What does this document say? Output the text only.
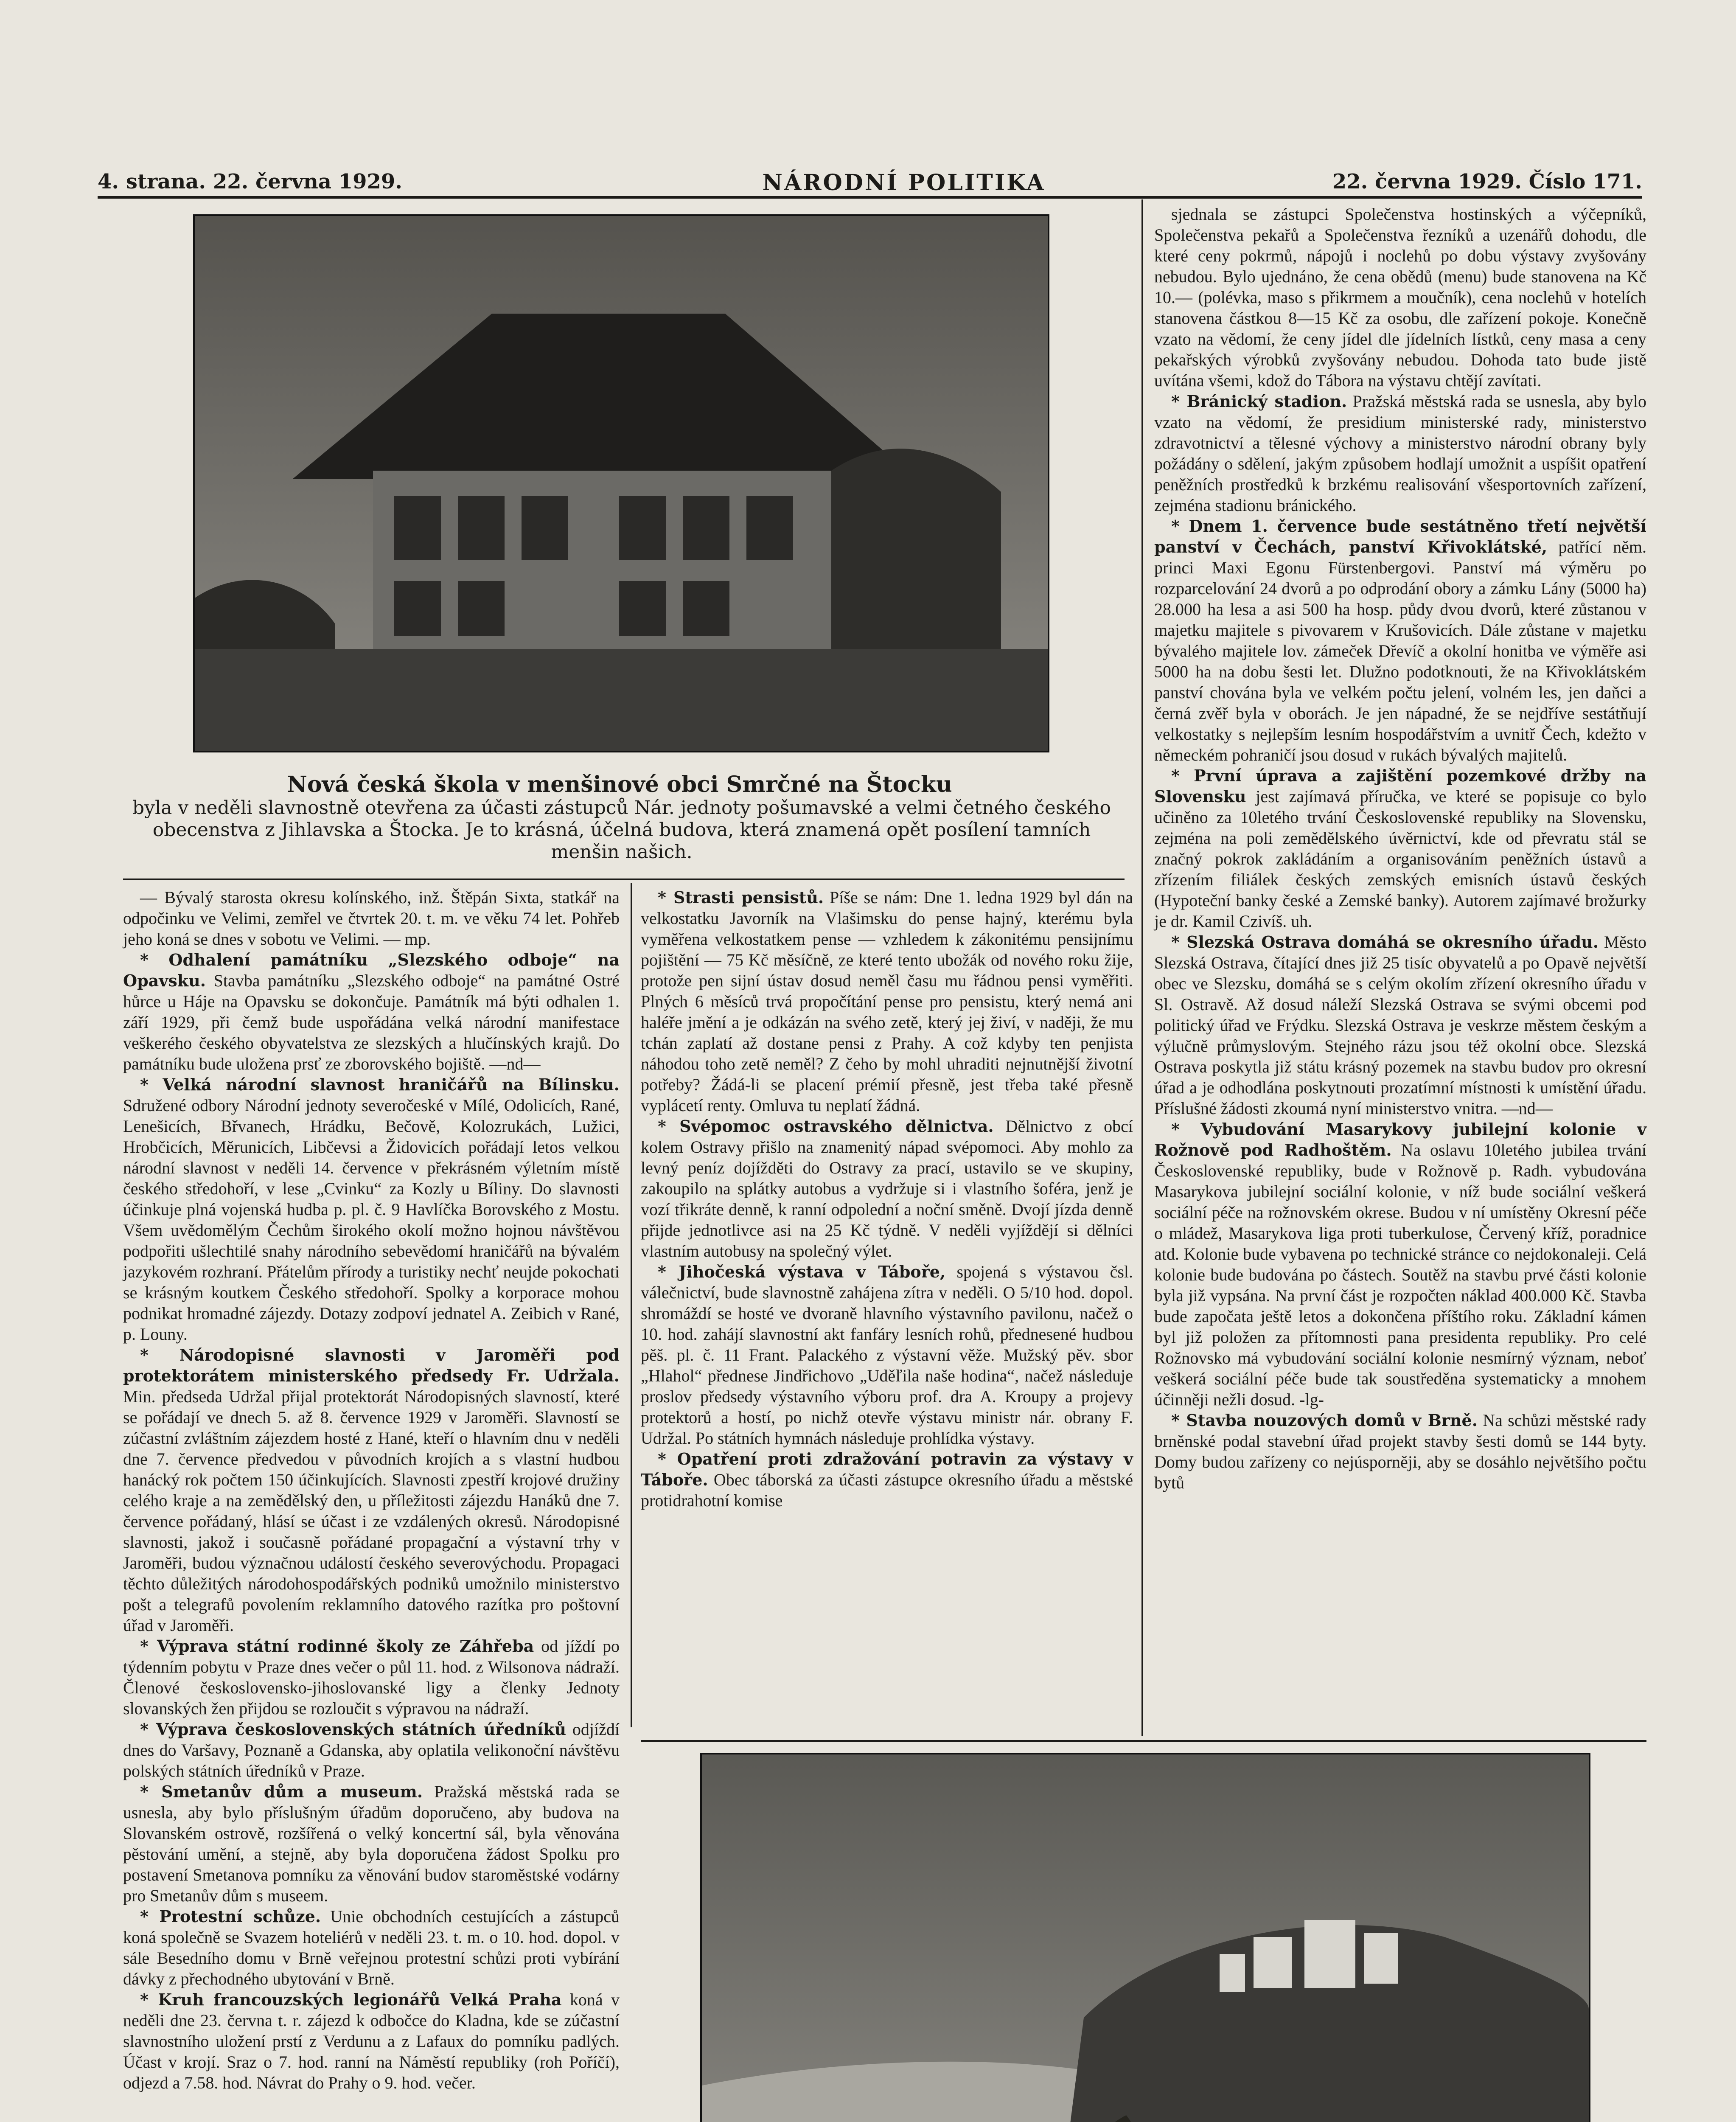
4. strana. 22. června 1929.	NÁRODNÍ POLITIKA	22. června 1929. Číslo 171.
Nová česká škola v menšinové obci Smrčné na Štocku
byla v neděli slavnostně otevřena za účasti zástupců Nár. jednoty pošumavské a velmi četného českého obecenstva z Jihlavska a Štocka. Je to krásná, účelná budova, která znamená opět posílení tamních menšin našich.

— Bývalý starosta okresu kolínského, inž. Štěpán Sixta, statkář na odpočinku ve Velimi, zemřel ve čtvrtek 20. t. m. ve věku 74 let. Pohřeb jeho koná se dnes v sobotu ve Velimi. — mp.

* Odhalení památníku „Slezského odboje“ na Opavsku. Stavba památníku „Slezského odboje“ na památné Ostré hůrce u Háje na Opavsku se dokončuje. Památník má býti odhalen 1. září 1929, při čemž bude uspořádána velká národní manifestace veškerého českého obyvatelstva ze slezských a hlučínských krajů. Do památníku bude uložena prsť ze zborovského bojiště. —nd—

* Velká národní slavnost hraničářů na Bílinsku. Sdružené odbory Národní jednoty severočeské v Mílé, Odolicích, Rané, Lenešicích, Břvanech, Hrádku, Bečově, Kolozrukách, Lužici, Hrobčicích, Měrunicích, Libčevsi a Židovicích pořádají letos velkou národní slavnost v neděli 14. července v překrásném výletním místě českého středohoří, v lese „Cvinku“ za Kozly u Bíliny. Do slavnosti účinkuje plná vojenská hudba p. pl. č. 9 Havlíčka Borovského z Mostu. Všem uvědomělým Čechům širokého okolí možno hojnou návštěvou podpořiti ušlechtilé snahy národního sebevědomí hraničářů na bývalém jazykovém rozhraní. Přátelům přírody a turistiky nechť neujde pokochati se krásným koutkem Českého středohoří. Spolky a korporace mohou podnikat hromadné zájezdy. Dotazy zodpoví jednatel A. Zeibich v Rané, p. Louny.

* Národopisné slavnosti v Jaroměři pod protektorátem ministerského předsedy Fr. Udržala. Min. předseda Udržal přijal protektorát Národopisných slavností, které se pořádají ve dnech 5. až 8. července 1929 v Jaroměři. Slavností se zúčastní zvláštním zájezdem hosté z Hané, kteří o hlavním dnu v neděli dne 7. července předvedou v původních krojích a s vlastní hudbou hanácký rok počtem 150 účinkujících. Slavnosti zpestří krojové družiny celého kraje a na zemědělský den, u příležitosti zájezdu Hanáků dne 7. července pořádaný, hlásí se účast i ze vzdálených okresů. Národopisné slavnosti, jakož i současně pořádané propagační a výstavní trhy v Jaroměři, budou význačnou událostí českého severovýchodu. Propagaci těchto důležitých národohospodářských podniků umožnilo ministerstvo pošt a telegrafů povolením reklamního datového razítka pro poštovní úřad v Jaroměři.

* Výprava státní rodinné školy ze Záhřeba od jíždí po týdenním pobytu v Praze dnes večer o půl 11. hod. z Wilsonova nádraží. Členové československo-jihoslovanské ligy a členky Jednoty slovanských žen přijdou se rozloučit s výpravou na nádraží.

* Výprava československých státních úředníků odjíždí dnes do Varšavy, Poznaně a Gdanska, aby oplatila velikonoční návštěvu polských státních úředníků v Praze.

* Smetanův dům a museum. Pražská městská rada se usnesla, aby bylo příslušným úřadům doporučeno, aby budova na Slovanském ostrově, rozšířená o velký koncertní sál, byla věnována pěstování umění, a stejně, aby byla doporučena žádost Spolku pro postavení Smetanova pomníku za věnování budov staroměstské vodárny pro Smetanův dům s museem.

* Protestní schůze. Unie obchodních cestujících a zástupců koná společně se Svazem hoteliérů v neděli 23. t. m. o 10. hod. dopol. v sále Besedního domu v Brně veřejnou protestní schůzi proti vybírání dávky z přechodného ubytování v Brně.

* Kruh francouzských legionářů Velká Praha koná v neděli dne 23. června t. r. zájezd k odbočce do Kladna, kde se zúčastní slavnostního uložení prstí z Verdunu a z Lafaux do pomníku padlých. Účast v krojí. Sraz o 7. hod. ranní na Náměstí republiky (roh Poříčí), odjezd a 7.58. hod. Návrat do Prahy o 9. hod. večer.

* Strasti pensistů. Píše se nám: Dne 1. ledna 1929 byl dán na velkostatku Javorník na Vlašimsku do pense hajný, kterému byla vyměřena velkostatkem pense — vzhledem k zákonitému pensijnímu pojištění — 75 Kč měsíčně, ze které tento ubožák od nového roku žije, protože pen sijní ústav dosud neměl času mu řádnou pensi vyměřiti. Plných 6 měsíců trvá propočítání pense pro pensistu, který nemá ani haléře jmění a je odkázán na svého zetě, který jej živí, v naději, že mu tchán zaplatí až dostane pensi z Prahy. A což kdyby ten penjista náhodou toho zetě neměl? Z čeho by mohl uhraditi nejnutnější životní potřeby? Žádá-li se placení prémií přesně, jest třeba také přesně vyplácetí renty. Omluva tu neplatí žádná.

* Svépomoc ostravského dělnictva. Dělnictvo z obcí kolem Ostravy přišlo na znamenitý nápad svépomoci. Aby mohlo za levný peníz dojížděti do Ostravy za prací, ustavilo se ve skupiny, zakoupilo na splátky autobus a vydržuje si i vlastního šoféra, jenž je vozí třikráte denně, k ranní odpolední a noční směně. Dvojí jízda denně přijde jednotlivce asi na 25 Kč týdně. V neděli vyjíždějí si dělníci vlastním autobusy na společný výlet.

* Jihočeská výstava v Táboře, spojená s výstavou čsl. válečnictví, bude slavnostně zahájena zítra v neděli. O 5/10 hod. dopol. shromáždí se hosté ve dvoraně hlavního výstavního pavilonu, načež o 10. hod. zahájí slavnostní akt fanfáry lesních rohů, přednesené hudbou pěš. pl. č. 11 Frant. Palackého z výstavní věže. Mužský pěv. sbor „Hlahol“ přednese Jindřichovo „Uděľila naše hodina“, načež následuje proslov předsedy výstavního výboru prof. dra A. Kroupy a projevy protektorů a hostí, po nichž otevře výstavu ministr nár. obrany F. Udržal. Po státních hymnách následuje prohlídka výstavy.

* Opatření proti zdražování potravin za výstavy v Táboře. Obec táborská za účasti zástupce okresního úřadu a městské protidrahotní komise

sjednala se zástupci Společenstva hostinských a výčepníků, Společenstva pekařů a Společenstva řezníků a uzenářů dohodu, dle které ceny pokrmů, nápojů i noclehů po dobu výstavy zvyšovány nebudou. Bylo ujednáno, že cena obědů (menu) bude stanovena na Kč 10.— (polévka, maso s přikrmem a moučník), cena noclehů v hotelích stanovena částkou 8—15 Kč za osobu, dle zařízení pokoje. Konečně vzato na vědomí, že ceny jídel dle jídelních lístků, ceny masa a ceny pekařských výrobků zvyšovány nebudou. Dohoda tato bude jistě uvítána všemi, kdož do Tábora na výstavu chtějí zavítati.

* Bránický stadion. Pražská městská rada se usnesla, aby bylo vzato na vědomí, že presidium ministerské rady, ministerstvo zdravotnictví a tělesné výchovy a ministerstvo národní obrany byly požádány o sdělení, jakým způsobem hodlají umožnit a uspíšit opatření peněžních prostředků k brzkému realisování všesportovních zařízení, zejména stadionu bránického.

* Dnem 1. července bude sestátněno třetí největší panství v Čechách, panství Křivoklátské, patřící něm. princi Maxi Egonu Fürstenbergovi. Panství má výměru po rozparcelování 24 dvorů a po odprodání obory a zámku Lány (5000 ha) 28.000 ha lesa a asi 500 ha hosp. půdy dvou dvorů, které zůstanou v majetku majitele s pivovarem v Krušovicích. Dále zůstane v majetku bývalého majitele lov. zámeček Dřevíč a okolní honitba ve výměře asi 5000 ha na dobu šesti let. Dlužno podotknouti, že na Křivoklátském panství chována byla ve velkém počtu jelení, volném les, jen daňci a černá zvěř byla v oborách. Je jen nápadné, že se nejdříve sestátňují velkostatky s nejlepším lesním hospodářstvím a uvnitř Čech, kdežto v německém pohraničí jsou dosud v rukách bývalých majitelů.

* První úprava a zajištění pozemkové držby na Slovensku jest zajímavá příručka, ve které se popisuje co bylo učiněno za 10letého trvání Československé republiky na Slovensku, zejména na poli zemědělského úvěrnictví, kde od převratu stál se značný pokrok zakládáním a organisováním peněžních ústavů a zřízením filiálek českých zemských emisních ústavů českých (Hypoteční banky české a Zemské banky). Autorem zajímavé brožurky je dr. Kamil Czivíš. uh.

* Slezská Ostrava domáhá se okresního úřadu. Město Slezská Ostrava, čítající dnes již 25 tisíc obyvatelů a po Opavě největší obec ve Slezsku, domáhá se s celým okolím zřízení okresního úřadu v Sl. Ostravě. Až dosud náleží Slezská Ostrava se svými obcemi pod politický úřad ve Frýdku. Slezská Ostrava je veskrze městem českým a výlučně průmyslovým. Stejného rázu jsou též okolní obce. Slezská Ostrava poskytla již státu krásný pozemek na stavbu budov pro okresní úřad a je odhodlána poskytnouti prozatímní místnosti k umístění úřadu. Příslušné žádosti zkoumá nyní ministerstvo vnitra. —nd—

* Vybudování Masarykovy jubilejní kolonie v Rožnově pod Radhoštěm. Na oslavu 10letého jubilea trvání Československé republiky, bude v Rožnově p. Radh. vybudována Masarykova jubilejní sociální kolonie, v níž bude sociální veškerá sociální péče na rožnovském okrese. Budou v ní umístěny Okresní péče o mládež, Masarykova liga proti tuberkulose, Červený kříž, poradnice atd. Kolonie bude vybavena po technické stránce co nejdokonaleji. Celá kolonie bude budována po částech. Soutěž na stavbu prvé části kolonie byla již vypsána. Na první část je rozpočten náklad 400.000 Kč. Stavba bude započata ještě letos a dokončena příštího roku. Základní kámen byl již položen za přítomnosti pana presidenta republiky. Pro celé Rožnovsko má vybudování sociální kolonie nesmírný význam, neboť veškerá sociální péče bude tak soustředěna systematicky a mnohem účinněji nežli dosud. -lg-

* Stavba nouzových domů v Brně. Na schůzi městské rady brněnské podal stavební úřad projekt stavby šesti domů se 144 byty. Domy budou zařízeny co nejúsporněji, aby se dosáhlo největšího počtu bytů
